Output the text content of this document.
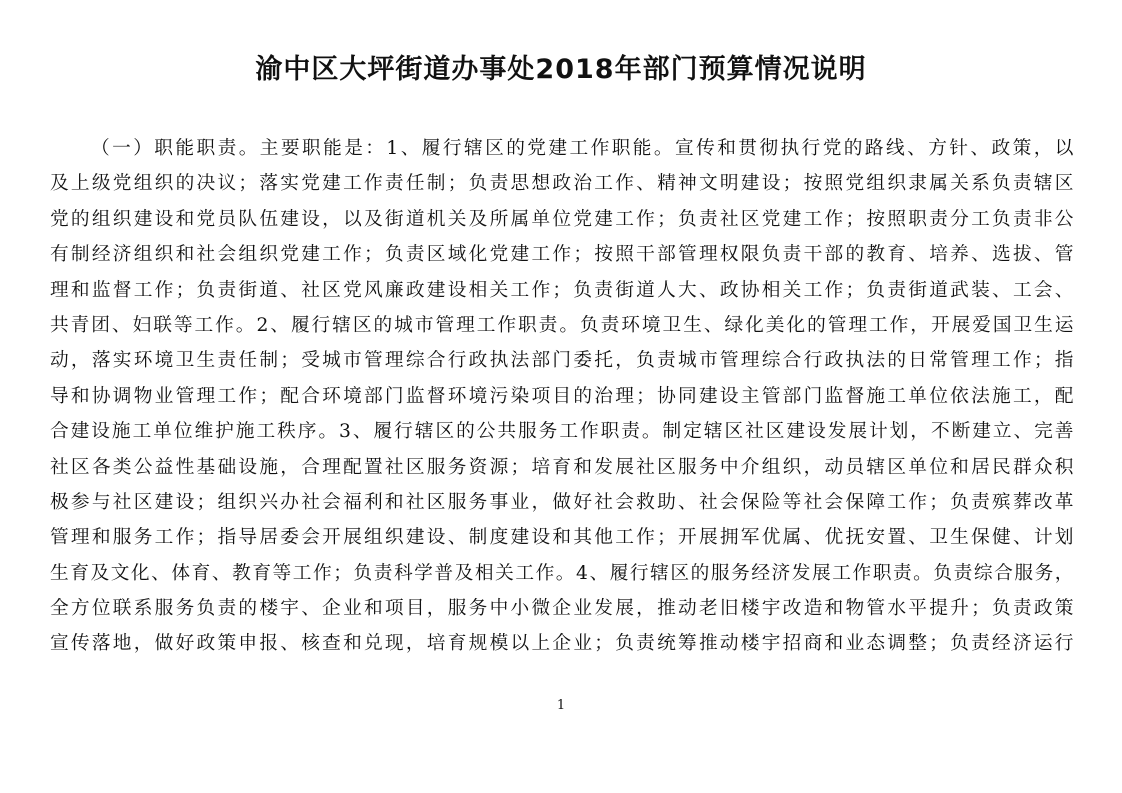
渝中区大坪街道办事处2018年部门预算情况说明
（一）职能职责。主要职能是：1、履行辖区的党建工作职能。宣传和贯彻执行党的路线、方针、政策，以
及上级党组织的决议；落实党建工作责任制；负责思想政治工作、精神文明建设；按照党组织隶属关系负责辖区
党的组织建设和党员队伍建设，以及街道机关及所属单位党建工作；负责社区党建工作；按照职责分工负责非公
有制经济组织和社会组织党建工作；负责区域化党建工作；按照干部管理权限负责干部的教育、培养、选拔、管
理和监督工作；负责街道、社区党风廉政建设相关工作；负责街道人大、政协相关工作；负责街道武装、工会、
共青团、妇联等工作。2、履行辖区的城市管理工作职责。负责环境卫生、绿化美化的管理工作，开展爱国卫生运
动，落实环境卫生责任制；受城市管理综合行政执法部门委托，负责城市管理综合行政执法的日常管理工作；指
导和协调物业管理工作；配合环境部门监督环境污染项目的治理；协同建设主管部门监督施工单位依法施工，配
合建设施工单位维护施工秩序。3、履行辖区的公共服务工作职责。制定辖区社区建设发展计划，不断建立、完善
社区各类公益性基础设施，合理配置社区服务资源；培育和发展社区服务中介组织，动员辖区单位和居民群众积
极参与社区建设；组织兴办社会福利和社区服务事业，做好社会救助、社会保险等社会保障工作；负责殡葬改革
管理和服务工作；指导居委会开展组织建设、制度建设和其他工作；开展拥军优属、优抚安置、卫生保健、计划
生育及文化、体育、教育等工作；负责科学普及相关工作。4、履行辖区的服务经济发展工作职责。负责综合服务，
全方位联系服务负责的楼宇、企业和项目，服务中小微企业发展，推动老旧楼宇改造和物管水平提升；负责政策
宣传落地，做好政策申报、核查和兑现，培育规模以上企业；负责统筹推动楼宇招商和业态调整；负责经济运行
1
